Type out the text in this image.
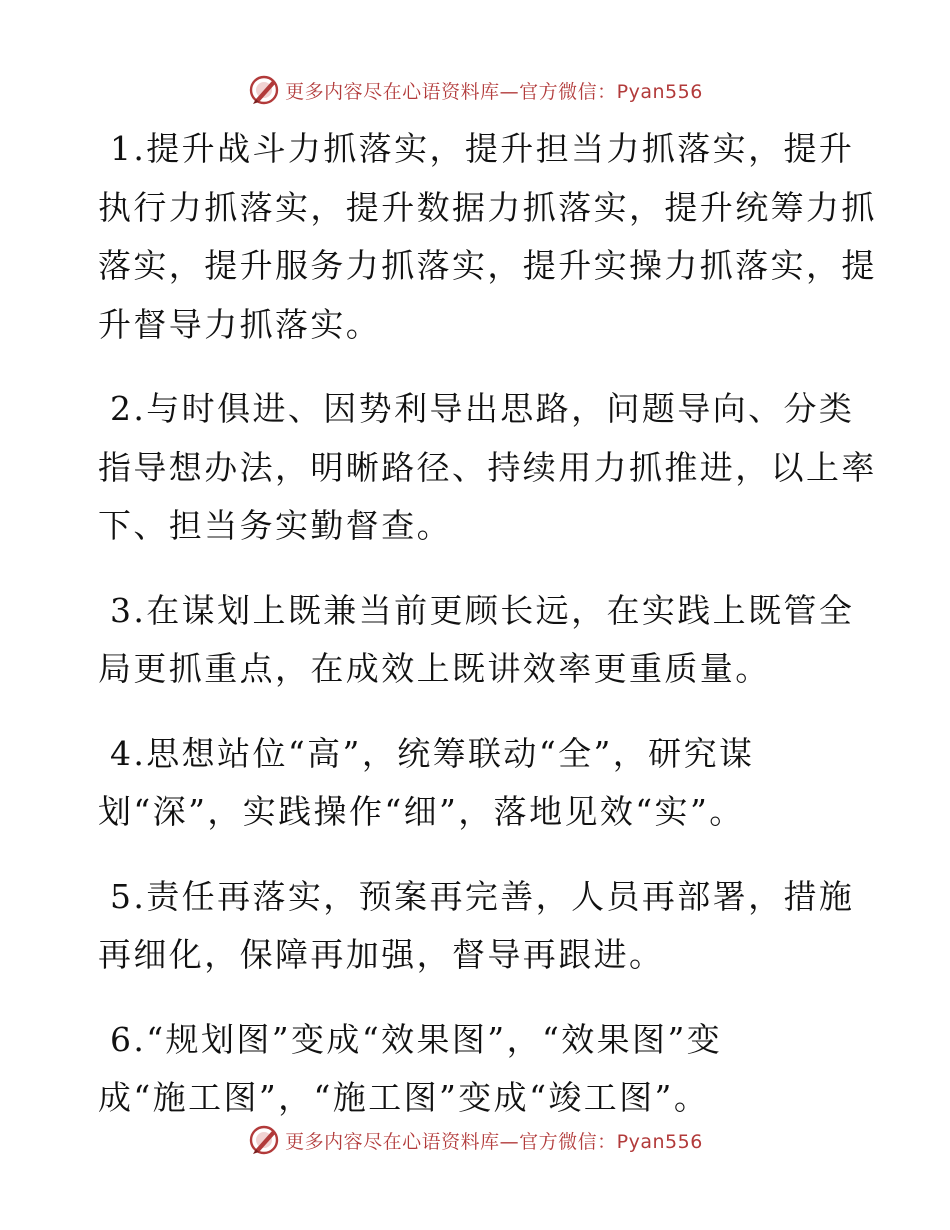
更多内容尽在心语资料库—官方微信：Pyan556
1.提升战斗力抓落实，提升担当力抓落实，提升
执行力抓落实，提升数据力抓落实，提升统筹力抓
落实，提升服务力抓落实，提升实操力抓落实，提
升督导力抓落实。
2.与时俱进、因势利导出思路，问题导向、分类
指导想办法，明晰路径、持续用力抓推进，以上率
下、担当务实勤督查。
3.在谋划上既兼当前更顾长远，在实践上既管全
局更抓重点，在成效上既讲效率更重质量。
4.思想站位“高”，统筹联动“全”，研究谋
划“深”，实践操作“细”，落地见效“实”。
5.责任再落实，预案再完善，人员再部署，措施
再细化，保障再加强，督导再跟进。
6.“规划图”变成“效果图”，“效果图”变
成“施工图”，“施工图”变成“竣工图”。
更多内容尽在心语资料库—官方微信：Pyan556
